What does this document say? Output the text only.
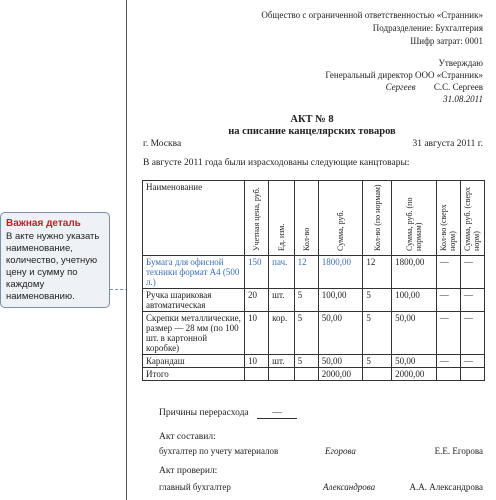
Важная деталь
В акте нужно указать наименование, количество, учетную цену и сумму по каждому наименованию.
Общество с ограниченной ответственностью «Странник»
Подразделение: Бухгалтерия
Шифр затрат: 0001
Утверждаю
Генеральный директор ООО «Странник»
Сергеев С.С. Сергеев
31.08.2011
АКТ № 8
на списание канцелярских товаров
г. Москва	31 августа 2011 г.
В августе 2011 года были израсходованы следующие канцтовары:
Наименование	Учетная цена, руб.	Ед. изм.	Кол-во	Сумма, руб.	Кол-во (по нормам)	Сумма, руб. (по нормам)	Кол-во (сверх норм)	Сумма, руб. (сверх норм)

Бумага для офисной техники формат А4 (500 л.)	150	пач.	12	1800,00	12	1800,00	—	—
Ручка шариковая автоматическая	20	шт.	5	100,00	5	100,00	—	—
Скрепки металлические, размер — 28 мм (по 100 шт. в картонной коробке)	10	кор.	5	50,00	5	50,00	—	—
Карандаш	10	шт.	5	50,00	5	50,00	—	—
Итого				2000,00		2000,00		
Причины перерасхода —
Акт составил:
бухгалтер по учету материалов	Егорова	Е.Е. Егорова
Акт проверил:
главный бухгалтер	Александрова	А.А. Александрова
